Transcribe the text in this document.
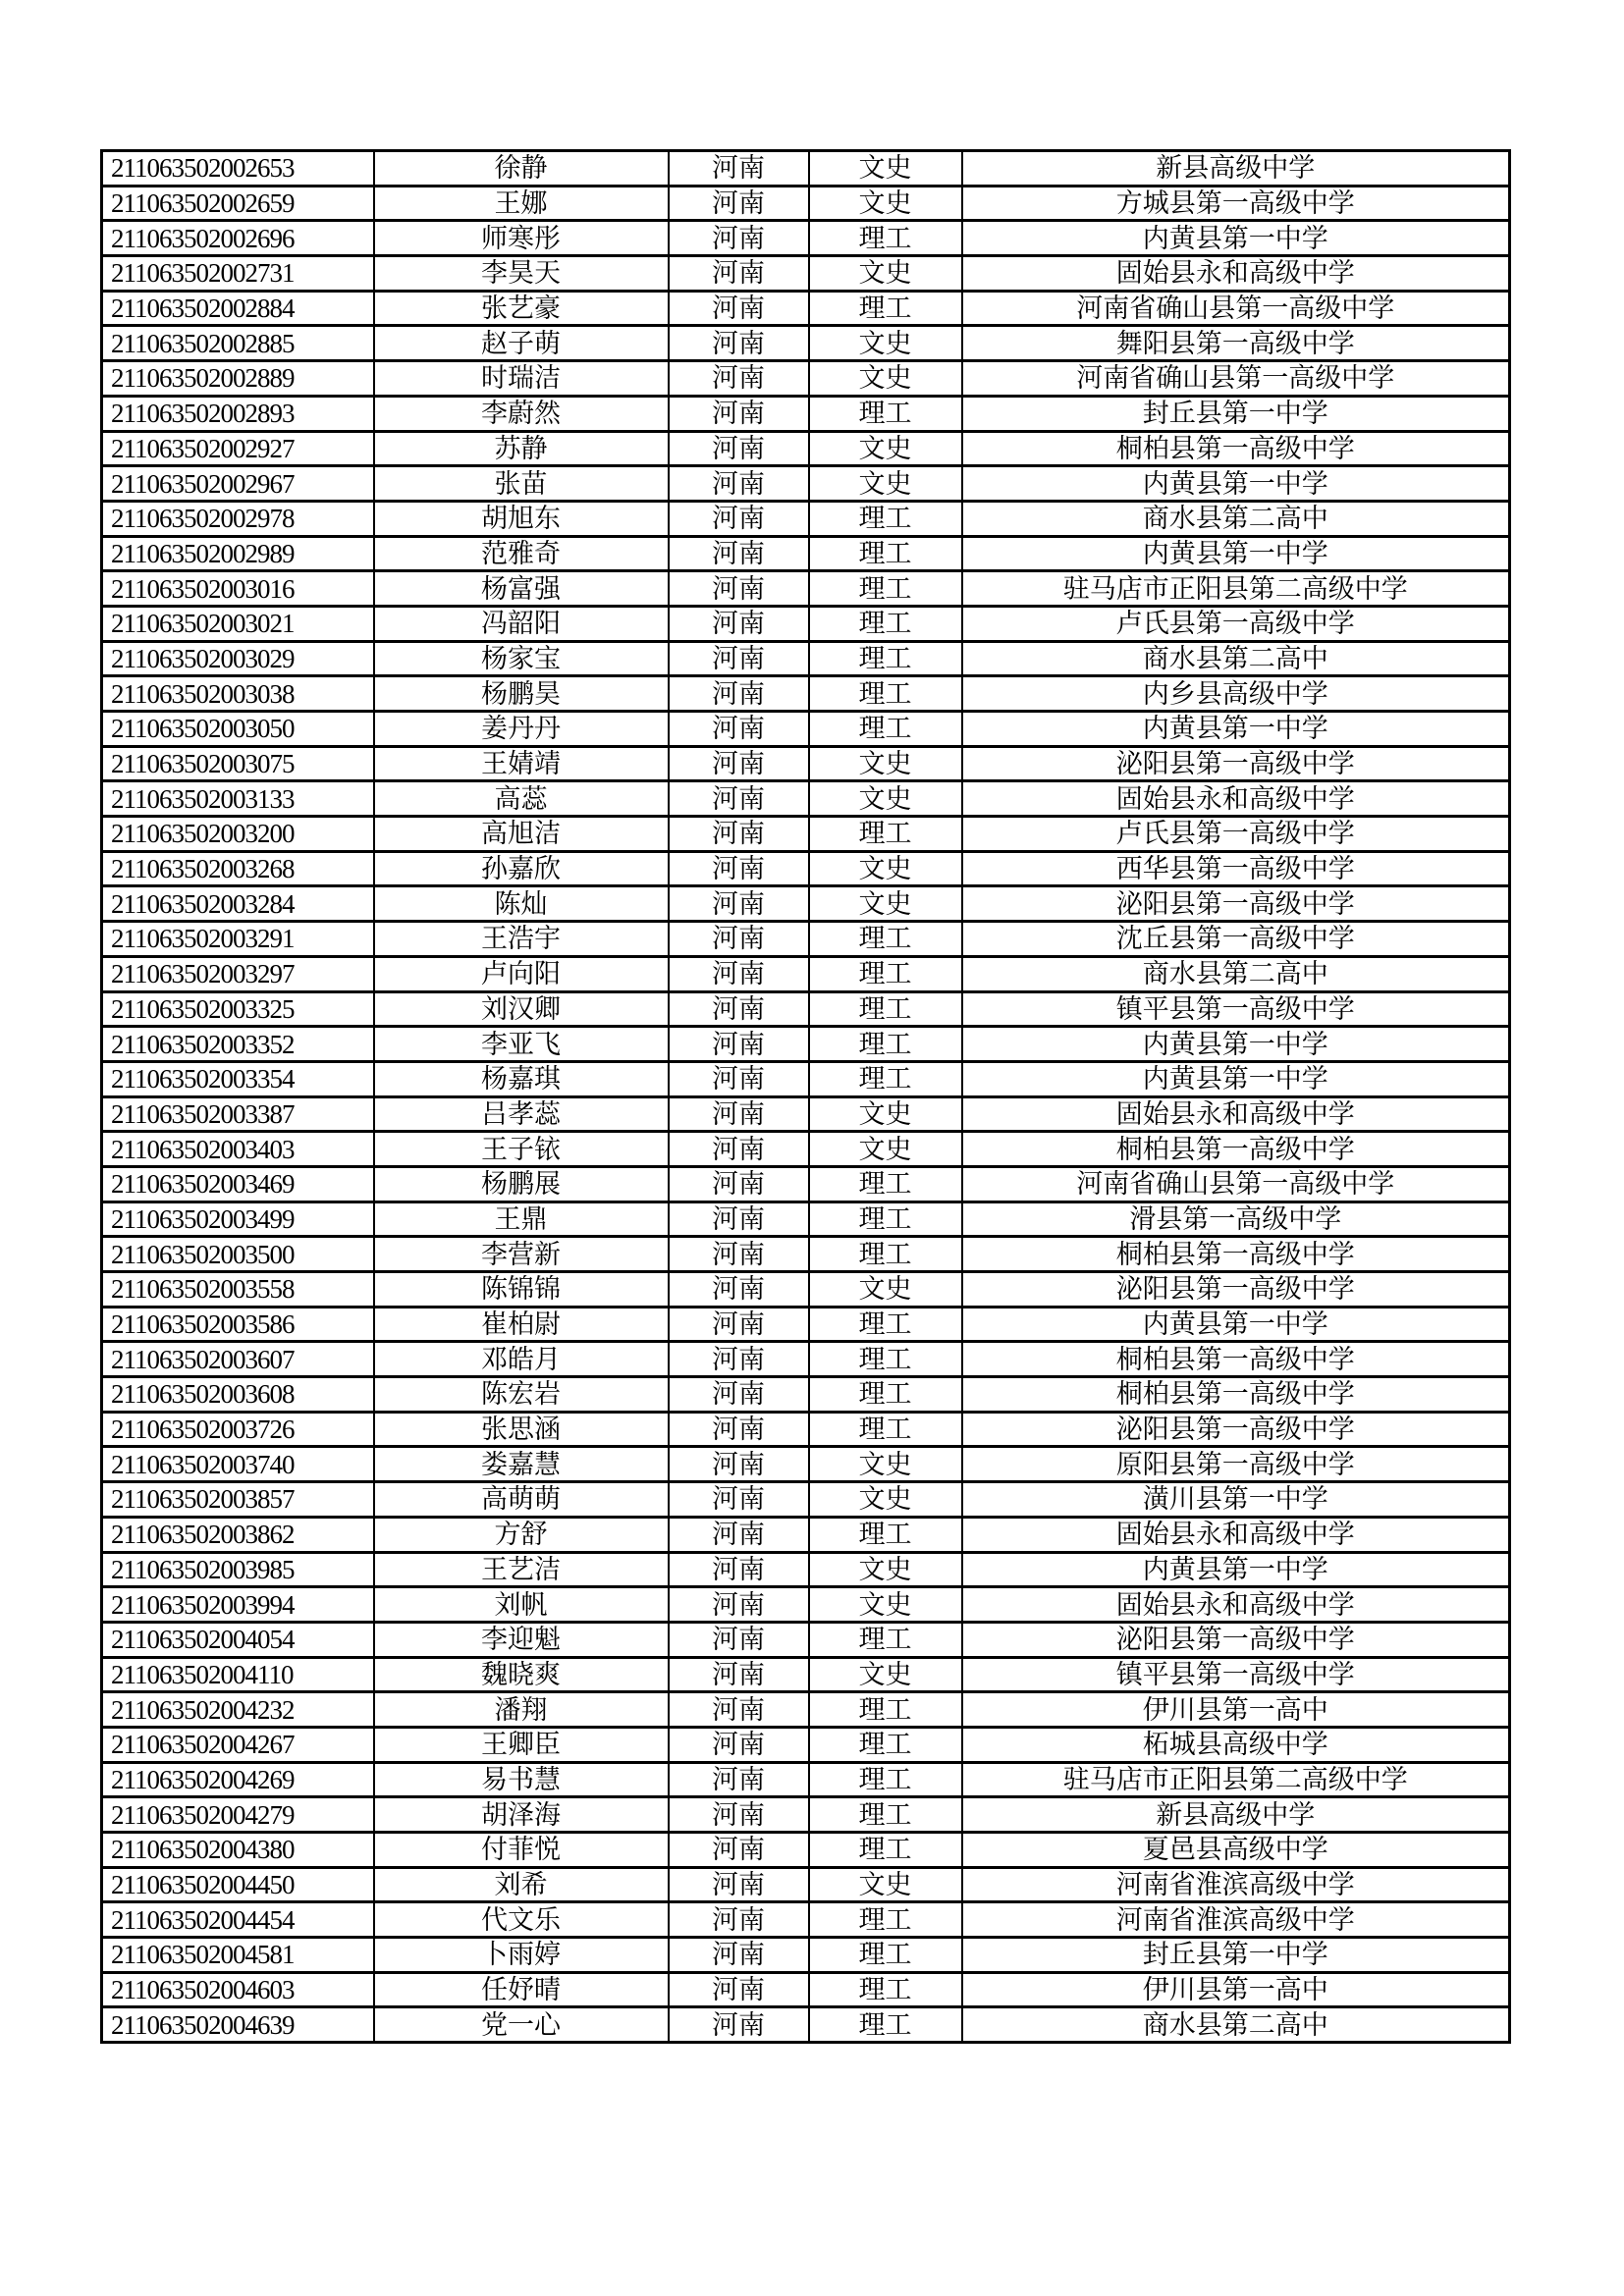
211063502002653	徐静	河南	文史	新县高级中学
211063502002659	王娜	河南	文史	方城县第一高级中学
211063502002696	师寒彤	河南	理工	内黄县第一中学
211063502002731	李昊天	河南	文史	固始县永和高级中学
211063502002884	张艺豪	河南	理工	河南省确山县第一高级中学
211063502002885	赵子萌	河南	文史	舞阳县第一高级中学
211063502002889	时瑞洁	河南	文史	河南省确山县第一高级中学
211063502002893	李蔚然	河南	理工	封丘县第一中学
211063502002927	苏静	河南	文史	桐柏县第一高级中学
211063502002967	张苗	河南	文史	内黄县第一中学
211063502002978	胡旭东	河南	理工	商水县第二高中
211063502002989	范雅奇	河南	理工	内黄县第一中学
211063502003016	杨富强	河南	理工	驻马店市正阳县第二高级中学
211063502003021	冯韶阳	河南	理工	卢氏县第一高级中学
211063502003029	杨家宝	河南	理工	商水县第二高中
211063502003038	杨鹏昊	河南	理工	内乡县高级中学
211063502003050	姜丹丹	河南	理工	内黄县第一中学
211063502003075	王婧靖	河南	文史	泌阳县第一高级中学
211063502003133	高蕊	河南	文史	固始县永和高级中学
211063502003200	高旭洁	河南	理工	卢氏县第一高级中学
211063502003268	孙嘉欣	河南	文史	西华县第一高级中学
211063502003284	陈灿	河南	文史	泌阳县第一高级中学
211063502003291	王浩宇	河南	理工	沈丘县第一高级中学
211063502003297	卢向阳	河南	理工	商水县第二高中
211063502003325	刘汉卿	河南	理工	镇平县第一高级中学
211063502003352	李亚飞	河南	理工	内黄县第一中学
211063502003354	杨嘉琪	河南	理工	内黄县第一中学
211063502003387	吕孝蕊	河南	文史	固始县永和高级中学
211063502003403	王子铱	河南	文史	桐柏县第一高级中学
211063502003469	杨鹏展	河南	理工	河南省确山县第一高级中学
211063502003499	王鼎	河南	理工	滑县第一高级中学
211063502003500	李营新	河南	理工	桐柏县第一高级中学
211063502003558	陈锦锦	河南	文史	泌阳县第一高级中学
211063502003586	崔柏尉	河南	理工	内黄县第一中学
211063502003607	邓皓月	河南	理工	桐柏县第一高级中学
211063502003608	陈宏岩	河南	理工	桐柏县第一高级中学
211063502003726	张思涵	河南	理工	泌阳县第一高级中学
211063502003740	娄嘉慧	河南	文史	原阳县第一高级中学
211063502003857	高萌萌	河南	文史	潢川县第一中学
211063502003862	方舒	河南	理工	固始县永和高级中学
211063502003985	王艺洁	河南	文史	内黄县第一中学
211063502003994	刘帆	河南	文史	固始县永和高级中学
211063502004054	李迎魁	河南	理工	泌阳县第一高级中学
211063502004110	魏晓爽	河南	文史	镇平县第一高级中学
211063502004232	潘翔	河南	理工	伊川县第一高中
211063502004267	王卿臣	河南	理工	柘城县高级中学
211063502004269	易书慧	河南	理工	驻马店市正阳县第二高级中学
211063502004279	胡泽海	河南	理工	新县高级中学
211063502004380	付菲悦	河南	理工	夏邑县高级中学
211063502004450	刘希	河南	文史	河南省淮滨高级中学
211063502004454	代文乐	河南	理工	河南省淮滨高级中学
211063502004581	卜雨婷	河南	理工	封丘县第一中学
211063502004603	任妤晴	河南	理工	伊川县第一高中
211063502004639	党一心	河南	理工	商水县第二高中
